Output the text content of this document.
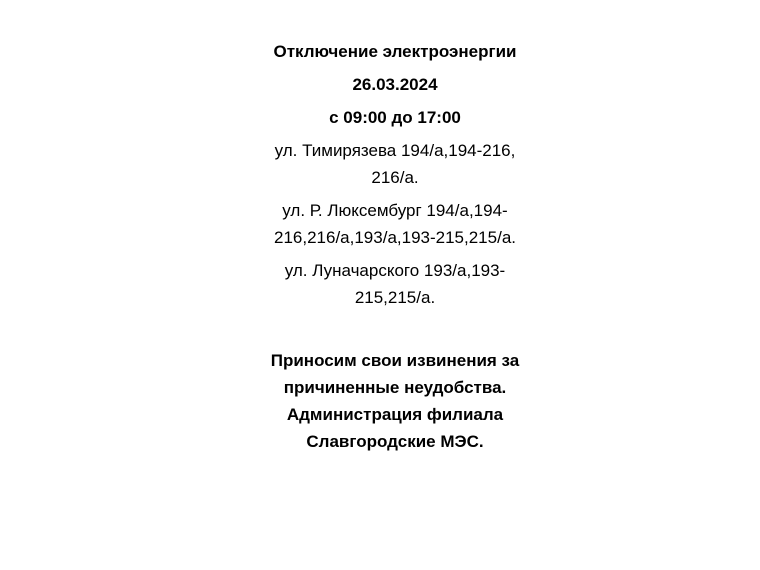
Отключение электроэнергии

26.03.2024

с 09:00 до 17:00

ул. Тимирязева 194/а,194-216,
216/а.
ул. Р. Люксембург 194/а,194-
216,216/а,193/а,193-215,215/а.
ул. Луначарского 193/а,193-
215,215/а.
Приносим свои извинения за
причиненные неудобства.
Администрация филиала
Славгородские МЭС.
